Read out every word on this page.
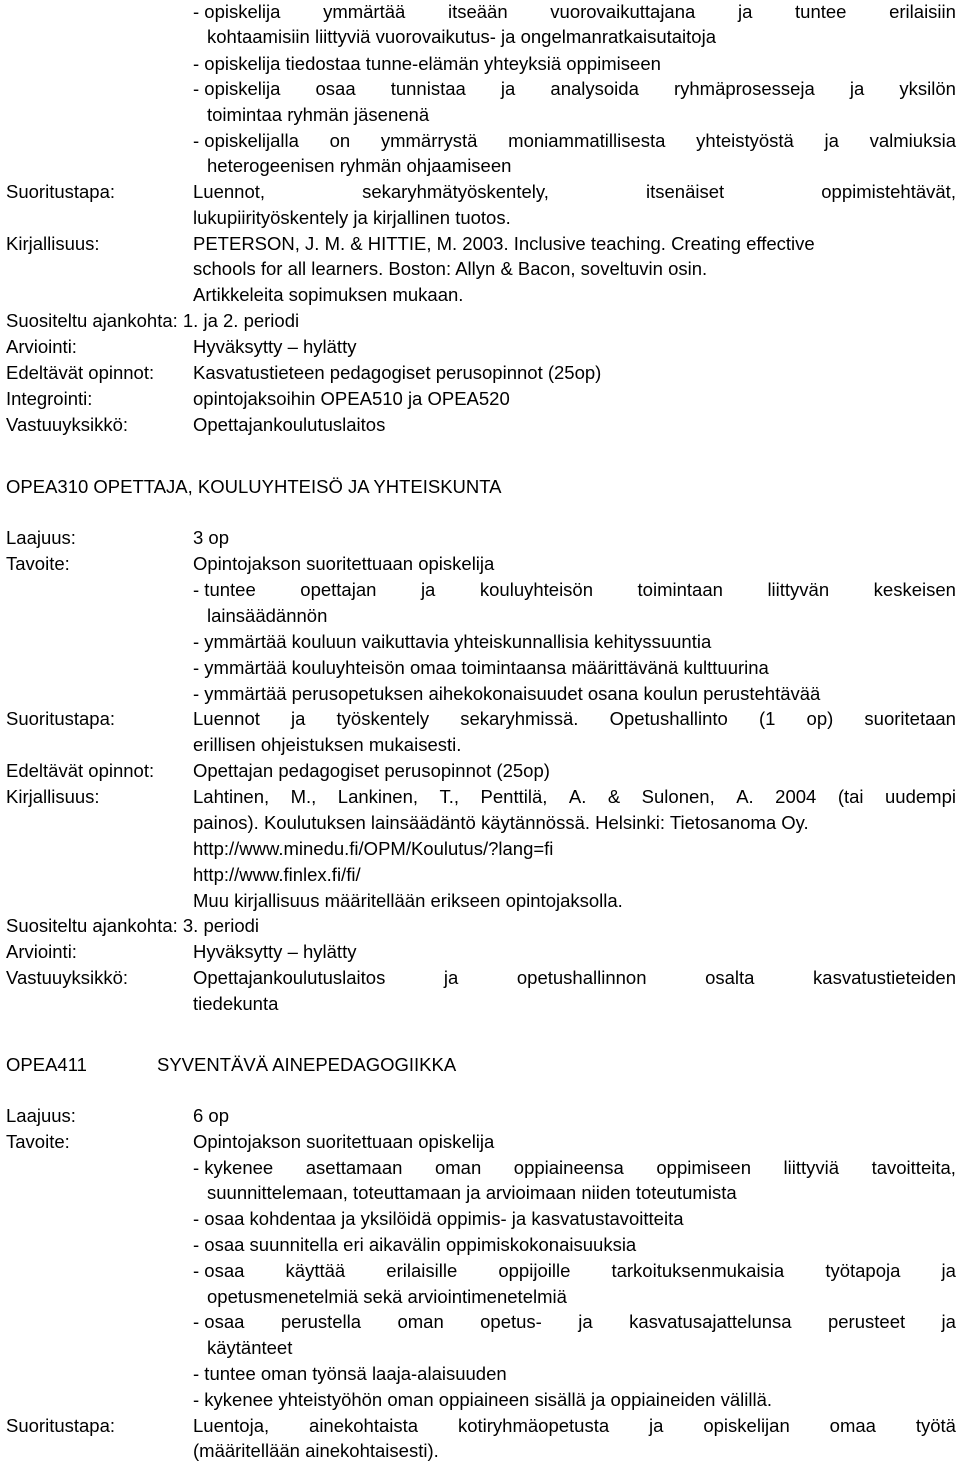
- opiskelija ymmärtää itseään vuorovaikuttajana ja tuntee erilaisiin
kohtaamisiin liittyviä vuorovaikutus- ja ongelmanratkaisutaitoja
- opiskelija tiedostaa tunne-elämän yhteyksiä oppimiseen
- opiskelija osaa tunnistaa ja analysoida ryhmäprosesseja ja yksilön
toimintaa ryhmän jäsenenä
- opiskelijalla on ymmärrystä moniammatillisesta yhteistyöstä ja valmiuksia
heterogeenisen ryhmän ohjaamiseen
Suoritustapa:	Luennot,	sekaryhmätyöskentely,	itsenäiset	oppimistehtävät,
lukupiirityöskentely ja kirjallinen tuotos.
Kirjallisuus:	PETERSON, J. M. & HITTIE, M. 2003. Inclusive teaching. Creating effective
schools for all learners. Boston: Allyn & Bacon, soveltuvin osin.
Artikkeleita sopimuksen mukaan.
Suositeltu ajankohta: 1. ja 2. periodi
Arviointi:	Hyväksytty – hylätty
Edeltävät opinnot: Kasvatustieteen pedagogiset perusopinnot (25op)
Integrointi:	opintojaksoihin OPEA510 ja OPEA520
Vastuuyksikkö:	Opettajankoulutuslaitos
OPEA310 OPETTAJA, KOULUYHTEISÖ JA YHTEISKUNTA
Laajuus:	3 op
Tavoite:	Opintojakson suoritettuaan opiskelija
- tuntee opettajan ja kouluyhteisön toimintaan liittyvän keskeisen
lainsäädännön
- ymmärtää kouluun vaikuttavia yhteiskunnallisia kehityssuuntia
- ymmärtää kouluyhteisön omaa toimintaansa määrittävänä kulttuurina
- ymmärtää perusopetuksen aihekokonaisuudet osana koulun perustehtävää
Suoritustapa:	Luennot ja työskentely sekaryhmissä. Opetushallinto (1 op) suoritetaan
erillisen ohjeistuksen mukaisesti.
Edeltävät opinnot: Opettajan pedagogiset perusopinnot (25op)
Kirjallisuus:	Lahtinen, M., Lankinen, T., Penttilä, A. & Sulonen, A. 2004 (tai uudempi
painos). Koulutuksen lainsäädäntö käytännössä. Helsinki: Tietosanoma Oy.
http://www.minedu.fi/OPM/Koulutus/?lang=fi
http://www.finlex.fi/fi/
Muu kirjallisuus määritellään erikseen opintojaksolla.
Suositeltu ajankohta: 3. periodi
Arviointi:	Hyväksytty – hylätty
Vastuuyksikkö:	Opettajankoulutuslaitos	ja	opetushallinnon	osalta	kasvatustieteiden
tiedekunta
OPEA411	SYVENTÄVÄ AINEPEDAGOGIIKKA
Laajuus:	6 op
Tavoite:	Opintojakson suoritettuaan opiskelija
- kykenee asettamaan oman oppiaineensa oppimiseen liittyviä tavoitteita,
suunnittelemaan, toteuttamaan ja arvioimaan niiden toteutumista
- osaa kohdentaa ja yksilöidä oppimis- ja kasvatustavoitteita
- osaa suunnitella eri aikavälin oppimiskokonaisuuksia
- osaa käyttää erilaisille oppijoille tarkoituksenmukaisia työtapoja ja
opetusmenetelmiä sekä arviointimenetelmiä
- osaa perustella oman opetus- ja kasvatusajattelunsa perusteet ja
käytänteet
- tuntee oman työnsä laaja-alaisuuden
- kykenee yhteistyöhön oman oppiaineen sisällä ja oppiaineiden välillä.
Suoritustapa:	Luentoja, ainekohtaista kotiryhmäopetusta ja opiskelijan omaa työtä
(määritellään ainekohtaisesti).
